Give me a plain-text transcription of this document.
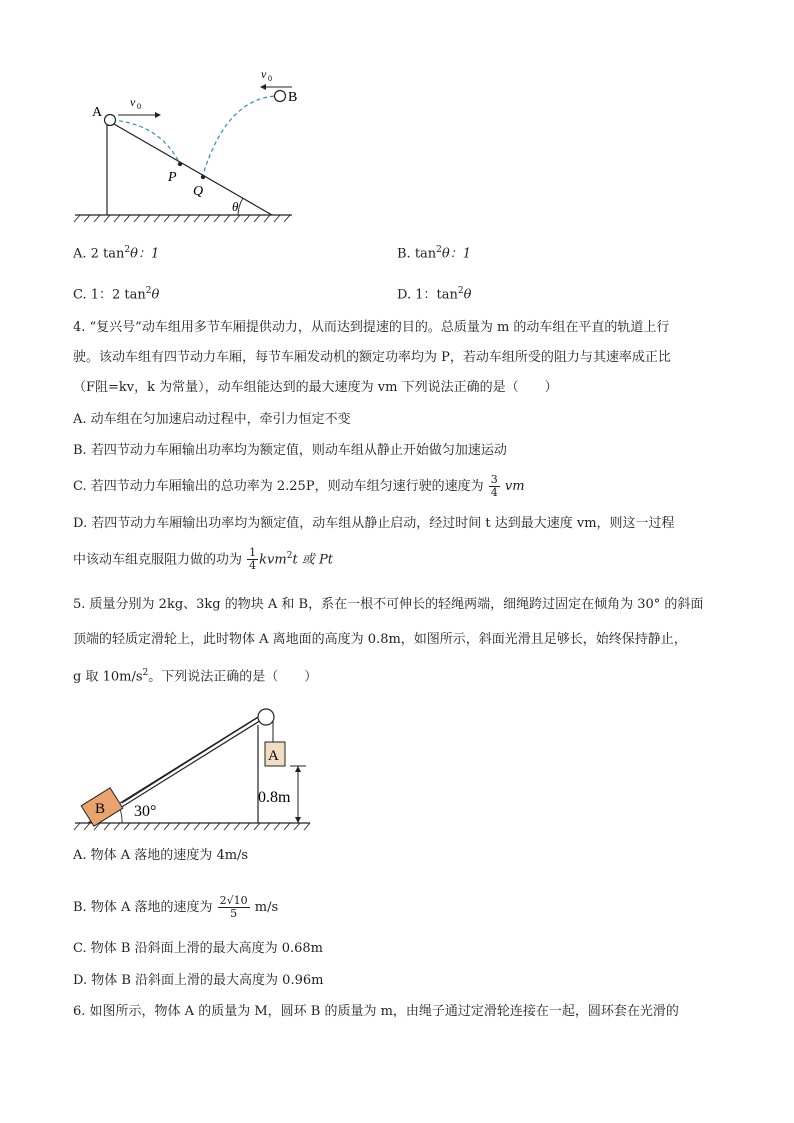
A
B
P
Q
v 0
v 0
θ
A. 2 $\tan^2\theta$：1	B. $\tan^2\theta$：1
C. 1：2 $\tan^2\theta$	D. 1：$\tan^2\theta$
4. “复兴号”动车组用多节车厢提供动力，从而达到提速的目的。总质量为 m 的动车组在平直的轨道上行
驶。该动车组有四节动力车厢，每节车厢发动机的额定功率均为 P，若动车组所受的阻力与其速率成正比
（F阻=kv，k 为常量），动车组能达到的最大速度为 vm 下列说法正确的是（　　）
A. 动车组在匀加速启动过程中，牵引力恒定不变
B. 若四节动力车厢输出功率均为额定值，则动车组从静止开始做匀加速运动
C. 若四节动力车厢输出的总功率为 2.25P，则动车组匀速行驶的速度为 $\frac{3}{4}$ vm
D. 若四节动力车厢输出功率均为额定值，动车组从静止启动，经过时间 t 达到最大速度 vm，则这一过程
中该动车组克服阻力做的功为 $\frac{1}{4} kvm^2t$ 或 Pt
5. 质量分别为 2kg、3kg 的物块 A 和 B，系在一根不可伸长的轻绳两端，细绳跨过固定在倾角为 30° 的斜面
顶端的轻质定滑轮上，此时物体 A 离地面的高度为 0.8m，如图所示，斜面光滑且足够长，始终保持静止，
g 取 $10m/s^2$。下列说法正确的是（　　）
A
B 30°
0.8m
A. 物体 A 落地的速度为 4m/s
B. 物体 A 落地的速度为 $\frac{2√10}{5} m/s$
C. 物体 B 沿斜面上滑的最大高度为 0.68m
D. 物体 B 沿斜面上滑的最大高度为 0.96m
6. 如图所示，物体 A 的质量为 M，圆环 B 的质量为 m，由绳子通过定滑轮连接在一起，圆环套在光滑的
